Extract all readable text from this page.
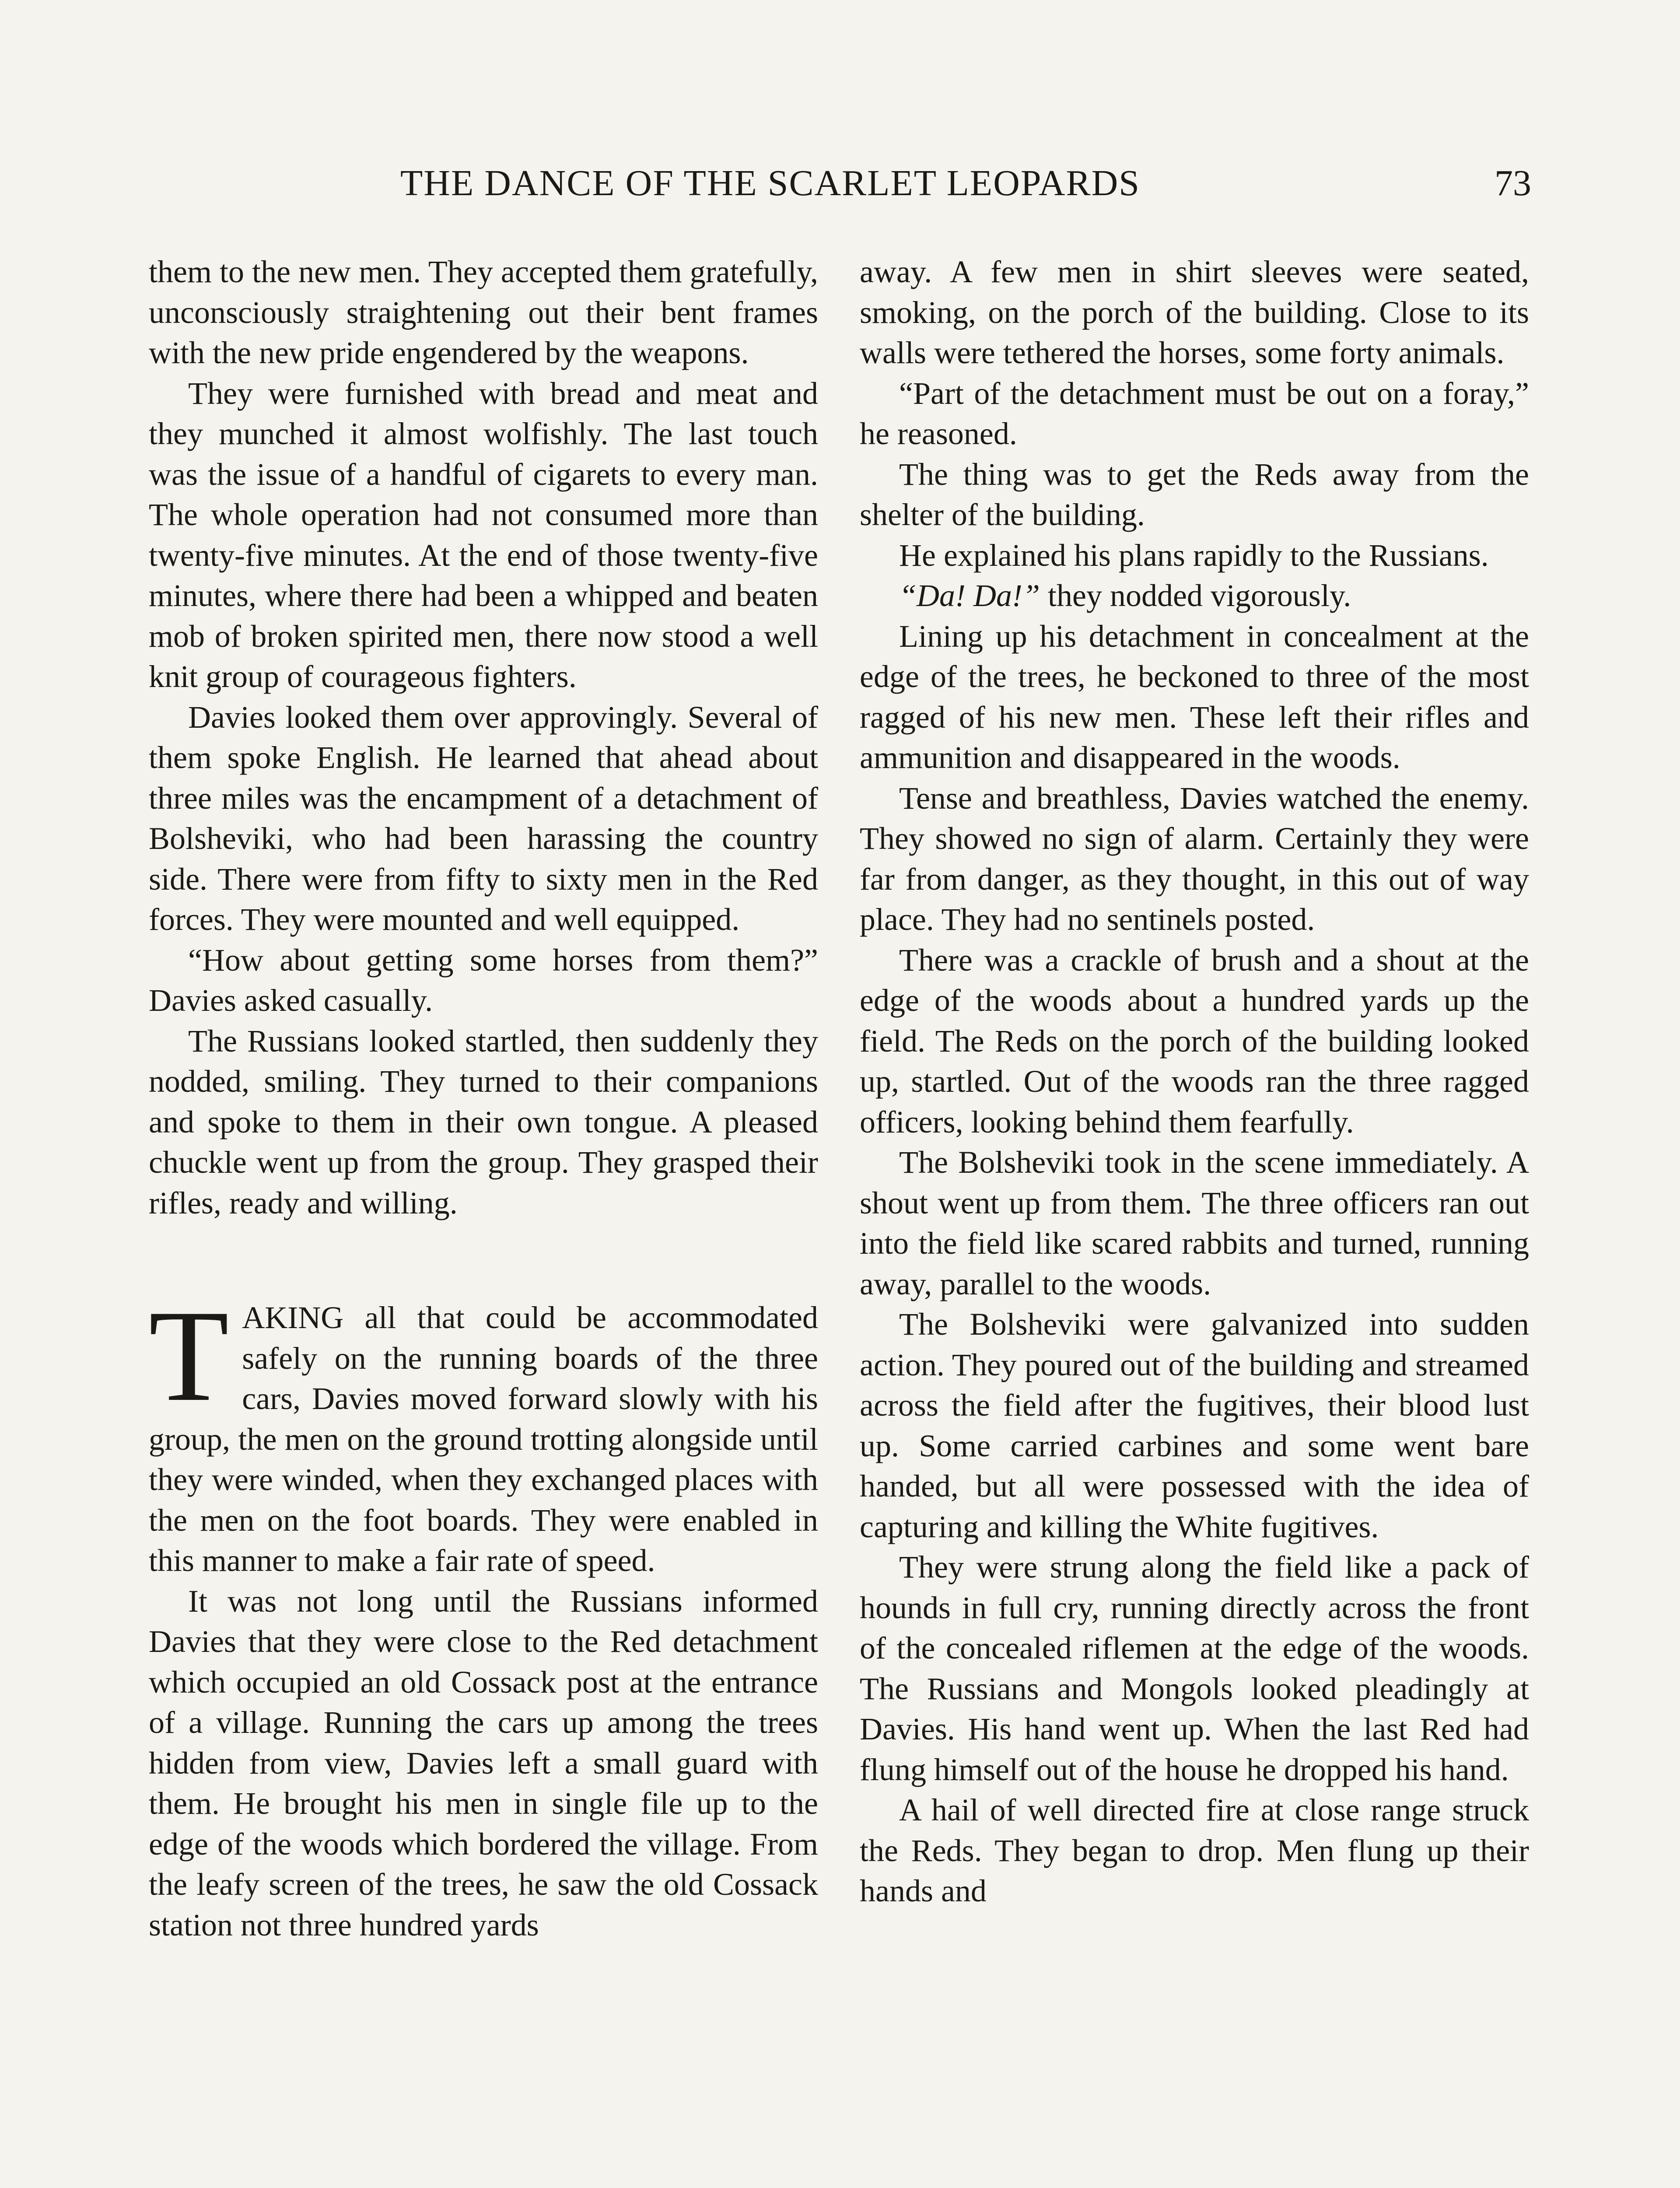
THE DANCE OF THE SCARLET LEOPARDS	73

them to the new men. They accepted them gratefully, unconsciously straightening out their bent frames with the new pride engendered by the weapons.

They were furnished with bread and meat and they munched it almost wolfishly. The last touch was the issue of a handful of cigarets to every man. The whole operation had not consumed more than twenty-five minutes. At the end of those twenty-five minutes, where there had been a whipped and beaten mob of broken spirited men, there now stood a well knit group of courageous fighters.

Davies looked them over approvingly. Several of them spoke English. He learned that ahead about three miles was the encampment of a detachment of Bolsheviki, who had been harassing the country side. There were from fifty to sixty men in the Red forces. They were mounted and well equipped.

“How about getting some horses from them?” Davies asked casually.

The Russians looked startled, then suddenly they nodded, smiling. They turned to their companions and spoke to them in their own tongue. A pleased chuckle went up from the group. They grasped their rifles, ready and willing.

TAKING all that could be accommodated safely on the running boards of the three cars, Davies moved forward slowly with his group, the men on the ground trotting alongside until they were winded, when they exchanged places with the men on the foot boards. They were enabled in this manner to make a fair rate of speed.

It was not long until the Russians informed Davies that they were close to the Red detachment which occupied an old Cossack post at the entrance of a village. Running the cars up among the trees hidden from view, Davies left a small guard with them. He brought his men in single file up to the edge of the woods which bordered the village. From the leafy screen of the trees, he saw the old Cossack station not three hundred yards

away. A few men in shirt sleeves were seated, smoking, on the porch of the building. Close to its walls were tethered the horses, some forty animals.

“Part of the detachment must be out on a foray,” he reasoned.

The thing was to get the Reds away from the shelter of the building.

He explained his plans rapidly to the Russians.

“Da! Da!” they nodded vigorously.

Lining up his detachment in concealment at the edge of the trees, he beckoned to three of the most ragged of his new men. These left their rifles and ammunition and disappeared in the woods.

Tense and breathless, Davies watched the enemy. They showed no sign of alarm. Certainly they were far from danger, as they thought, in this out of way place. They had no sentinels posted.

There was a crackle of brush and a shout at the edge of the woods about a hundred yards up the field. The Reds on the porch of the building looked up, startled. Out of the woods ran the three ragged officers, looking behind them fearfully.

The Bolsheviki took in the scene immediately. A shout went up from them. The three officers ran out into the field like scared rabbits and turned, running away, parallel to the woods.

The Bolsheviki were galvanized into sudden action. They poured out of the building and streamed across the field after the fugitives, their blood lust up. Some carried carbines and some went bare handed, but all were possessed with the idea of capturing and killing the White fugitives.

They were strung along the field like a pack of hounds in full cry, running directly across the front of the concealed riflemen at the edge of the woods. The Russians and Mongols looked pleadingly at Davies. His hand went up. When the last Red had flung himself out of the house he dropped his hand.

A hail of well directed fire at close range struck the Reds. They began to drop. Men flung up their hands and
